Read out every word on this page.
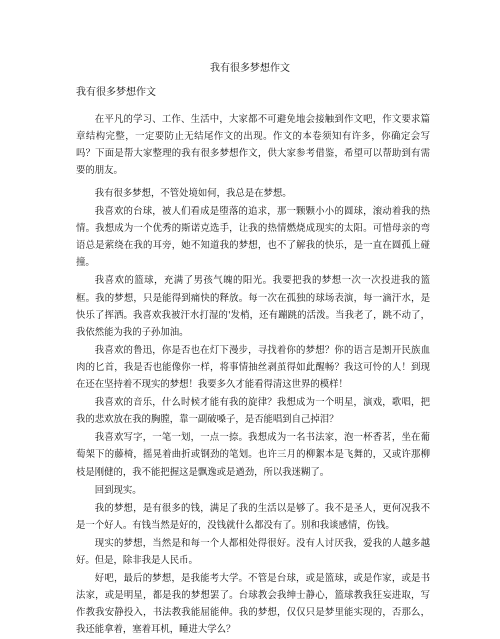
我有很多梦想作文
我有很多梦想作文

在平凡的学习、工作、生活中，大家都不可避免地会接触到作文吧，作文要求篇章结构完整，一定要防止无结尾作文的出现。作文的本卷须知有许多，你确定会写吗？下面是帮大家整理的我有很多梦想作文，供大家参考借鉴，希望可以帮助到有需要的朋友。

我有很多梦想，不管处境如何，我总是在梦想。

我喜欢的台球，被人们看成是堕落的追求，那一颗颗小小的圆球，滚动着我的热情。我想成为一个优秀的斯诺克选手，让我的热情燃烧成现实的太阳。可惜母亲的弯语总是萦绕在我的耳旁，她不知道我的梦想，也不了解我的快乐，是一直在圆孤上碰撞。

我喜欢的篮球，充满了男孩气魄的阳光。我要把我的梦想一次一次投进我的篮框。我的梦想，只是能得到痛快的释放。每一次在孤独的球场表演，每一滴汗水，是快乐了挥洒。我喜欢我被汗水打湿的'发梢，还有蹦跳的活泼。当我老了，跳不动了，我依然能为我的子孙加油。

我喜欢的鲁迅，你是否也在灯下漫步，寻找着你的梦想？你的语言是割开民族血肉的匕首，我是否也能像你一样，将事情抽丝剥茧得如此醒畅？我这可怜的人！到现在还在坚持着不现实的梦想！我要多久才能看得清这世界的模样！

我喜欢的音乐，什么时候才能有我的旋律？我想成为一个明星，演戏，歌唱，把我的悲欢放在我的胸膛，靠一副破嗓子，是否能唱到自己掉泪？

我喜欢写字，一笔一划，一点一捺。我想成为一名书法家，泡一杯香茗，坐在葡萄架下的藤椅，摇晃着曲折或钢劲的笔划。也许三月的柳絮本是飞舞的，又或许那柳枝是刚健的，我不能把握这是飘逸或是遒劲，所以我迷糊了。

回到现实。

我的梦想，是有很多的钱，满足了我的生活以是够了。我不是圣人，更何况我不是一个好人。有钱当然是好的，没钱就什么都没有了。别和我谈感情，伤钱。

现实的梦想，当然是和每一个人都相处得很好。没有人讨厌我，爱我的人越多越好。但是，除非我是人民币。

好吧，最后的梦想，是我能考大学。不管是台球，或是篮球，或是作家，或是书法家，或是明星，都是我的梦想罢了。台球教会我绅士静心，篮球教我狂妄进取，写作教我安静投入，书法教我能屈能伸。我的梦想，仅仅只是梦里能实现的，否那么，我还能拿着，塞着耳机，睡进大学么？
